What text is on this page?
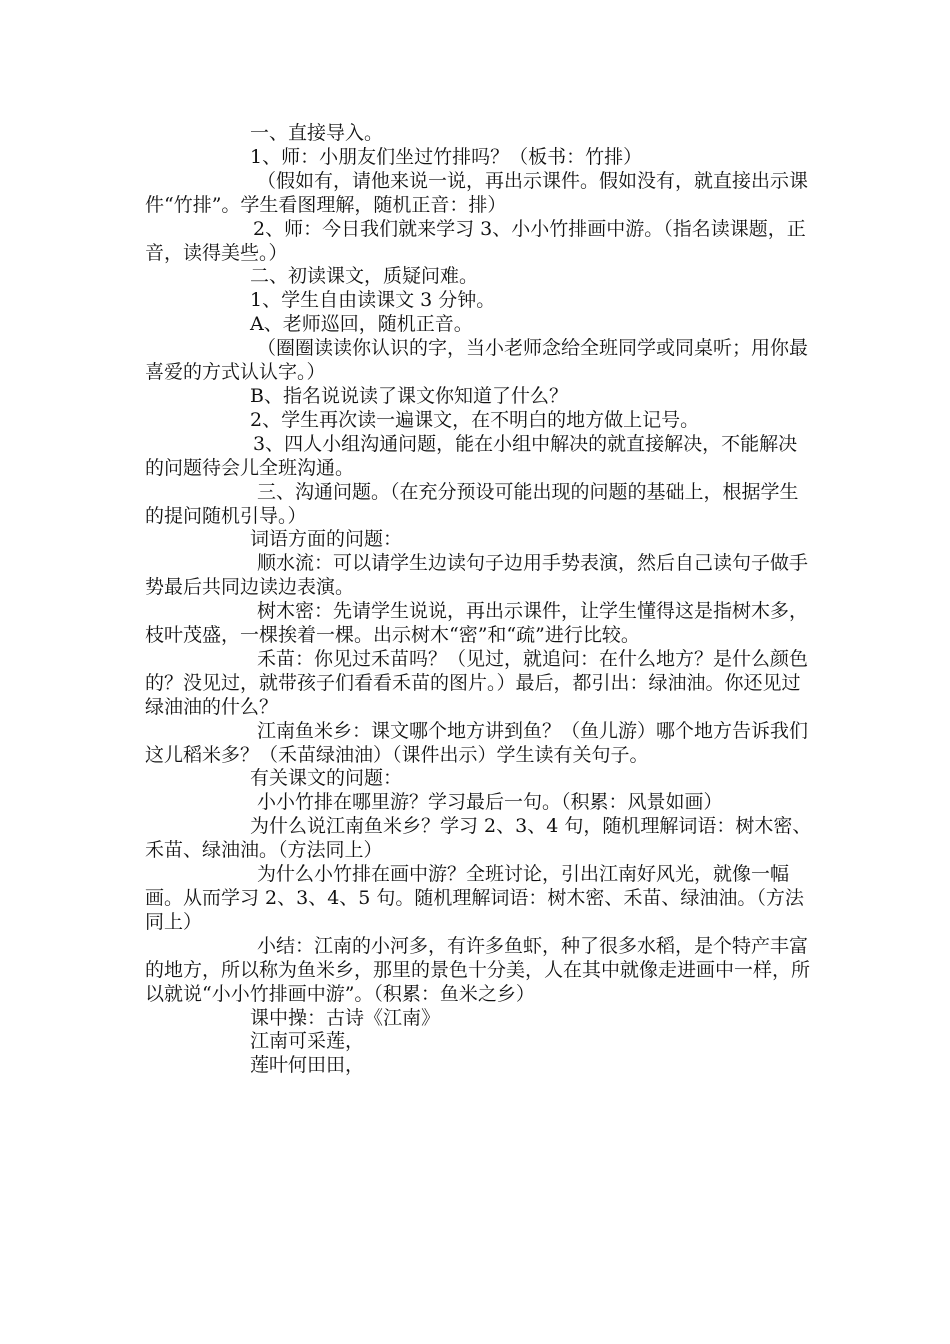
一、直接导入。

1、师：小朋友们坐过竹排吗？（板书：竹排）

（假如有，请他来说一说，再出示课件。假如没有，就直接出示课件“竹排”。学生看图理解，随机正音：排）

2、师：今日我们就来学习 3、小小竹排画中游。（指名读课题，正音，读得美些。）

二、初读课文，质疑问难。

1、学生自由读课文 3 分钟。

A、老师巡回，随机正音。

（圈圈读读你认识的字，当小老师念给全班同学或同桌听；用你最喜爱的方式认认字。）

B、指名说说读了课文你知道了什么？

2、学生再次读一遍课文，在不明白的地方做上记号。

3、四人小组沟通问题，能在小组中解决的就直接解决，不能解决的问题待会儿全班沟通。

三、沟通问题。（在充分预设可能出现的问题的基础上，根据学生的提问随机引导。）

词语方面的问题：

顺水流：可以请学生边读句子边用手势表演，然后自己读句子做手势最后共同边读边表演。

树木密：先请学生说说，再出示课件，让学生懂得这是指树木多，枝叶茂盛，一棵挨着一棵。出示树木“密”和“疏”进行比较。

禾苗：你见过禾苗吗？（见过，就追问：在什么地方？是什么颜色的？没见过，就带孩子们看看禾苗的图片。）最后，都引出：绿油油。你还见过绿油油的什么？

江南鱼米乡：课文哪个地方讲到鱼？（鱼儿游）哪个地方告诉我们这儿稻米多？（禾苗绿油油）（课件出示）学生读有关句子。

有关课文的问题：

小小竹排在哪里游？学习最后一句。（积累：风景如画）

为什么说江南鱼米乡？学习 2、3、4 句，随机理解词语：树木密、禾苗、绿油油。（方法同上）

为什么小竹排在画中游？全班讨论，引出江南好风光，就像一幅画。从而学习 2、3、4、5 句。随机理解词语：树木密、禾苗、绿油油。（方法同上）

小结：江南的小河多，有许多鱼虾，种了很多水稻，是个特产丰富的地方，所以称为鱼米乡，那里的景色十分美，人在其中就像走进画中一样，所以就说“小小竹排画中游”。（积累：鱼米之乡）

课中操：古诗《江南》

江南可采莲，

莲叶何田田，
